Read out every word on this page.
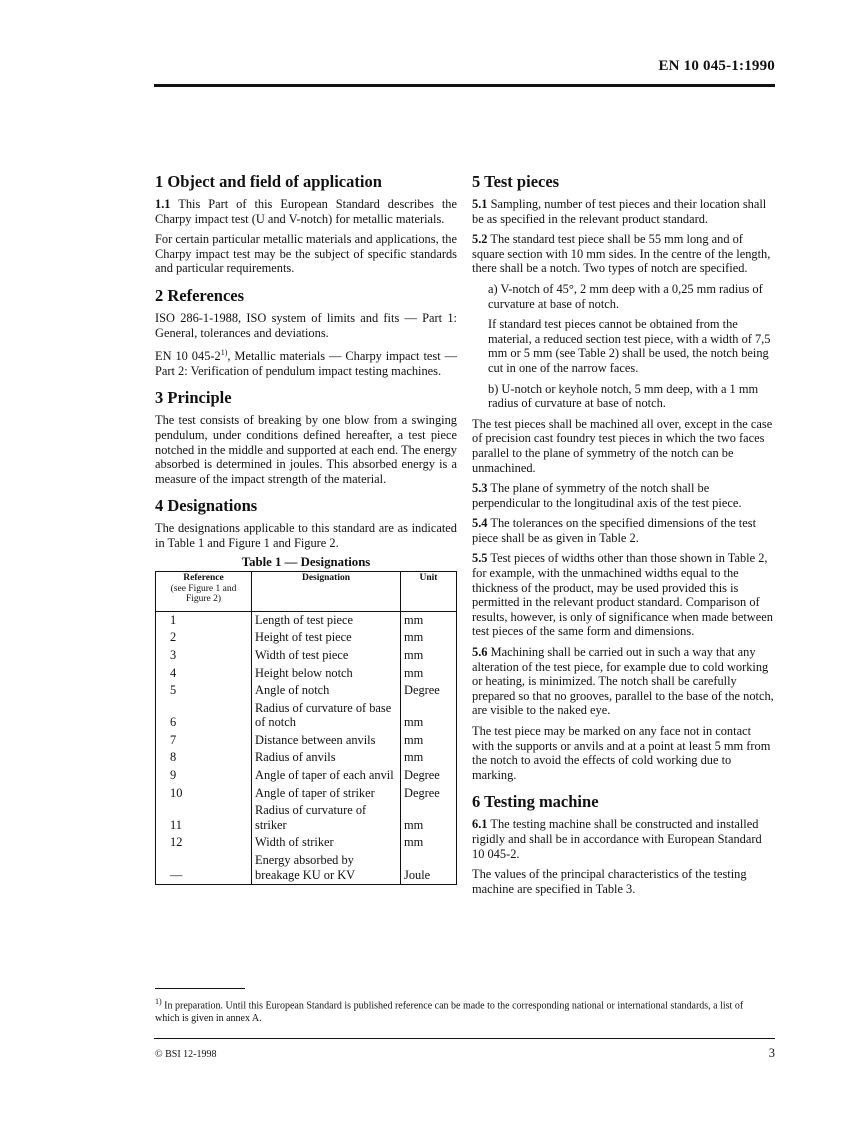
EN 10 045-1:1990
1 Object and field of application

1.1 This Part of this European Standard describes the Charpy impact test (U and V-notch) for metallic materials.

For certain particular metallic materials and applications, the Charpy impact test may be the subject of specific standards and particular requirements.

2 References

ISO 286-1-1988, ISO system of limits and fits — Part 1: General, tolerances and deviations.

EN 10 045-2$^{1)}$, Metallic materials — Charpy impact test — Part 2: Verification of pendulum impact testing machines.

3 Principle

The test consists of breaking by one blow from a swinging pendulum, under conditions defined hereafter, a test piece notched in the middle and supported at each end. The energy absorbed is determined in joules. This absorbed energy is a measure of the impact strength of the material.

4 Designations

The designations applicable to this standard are as indicated in Table 1 and Figure 1 and Figure 2.

Table 1 — Designations
Reference
(see Figure 1 and Figure 2)	Designation	Unit
1	Length of test piece	mm
2	Height of test piece	mm
3	Width of test piece	mm
4	Height below notch	mm
5	Angle of notch	Degree
6	Radius of curvature of base of notch	mm
7	Distance between anvils	mm
8	Radius of anvils	mm
9	Angle of taper of each anvil	Degree
10	Angle of taper of striker	Degree
11	Radius of curvature of striker	mm
12	Width of striker	mm
—	Energy absorbed by breakage KU or KV	Joule
5 Test pieces

5.1 Sampling, number of test pieces and their location shall be as specified in the relevant product standard.

5.2 The standard test piece shall be 55 mm long and of square section with 10 mm sides. In the centre of the length, there shall be a notch. Two types of notch are specified.

a) V-notch of 45°, 2 mm deep with a 0,25 mm radius of curvature at base of notch.

If standard test pieces cannot be obtained from the material, a reduced section test piece, with a width of 7,5 mm or 5 mm (see Table 2) shall be used, the notch being cut in one of the narrow faces.

b) U-notch or keyhole notch, 5 mm deep, with a 1 mm radius of curvature at base of notch.

The test pieces shall be machined all over, except in the case of precision cast foundry test pieces in which the two faces parallel to the plane of symmetry of the notch can be unmachined.

5.3 The plane of symmetry of the notch shall be perpendicular to the longitudinal axis of the test piece.

5.4 The tolerances on the specified dimensions of the test piece shall be as given in Table 2.

5.5 Test pieces of widths other than those shown in Table 2, for example, with the unmachined widths equal to the thickness of the product, may be used provided this is permitted in the relevant product standard. Comparison of results, however, is only of significance when made between test pieces of the same form and dimensions.

5.6 Machining shall be carried out in such a way that any alteration of the test piece, for example due to cold working or heating, is minimized. The notch shall be carefully prepared so that no grooves, parallel to the base of the notch, are visible to the naked eye.

The test piece may be marked on any face not in contact with the supports or anvils and at a point at least 5 mm from the notch to avoid the effects of cold working due to marking.

6 Testing machine

6.1 The testing machine shall be constructed and installed rigidly and shall be in accordance with European Standard 10 045-2.

The values of the principal characteristics of the testing machine are specified in Table 3.

$^{1)}$ In preparation. Until this European Standard is published reference can be made to the corresponding national or international standards, a list of which is given in annex A.
© BSI 12-1998	3
